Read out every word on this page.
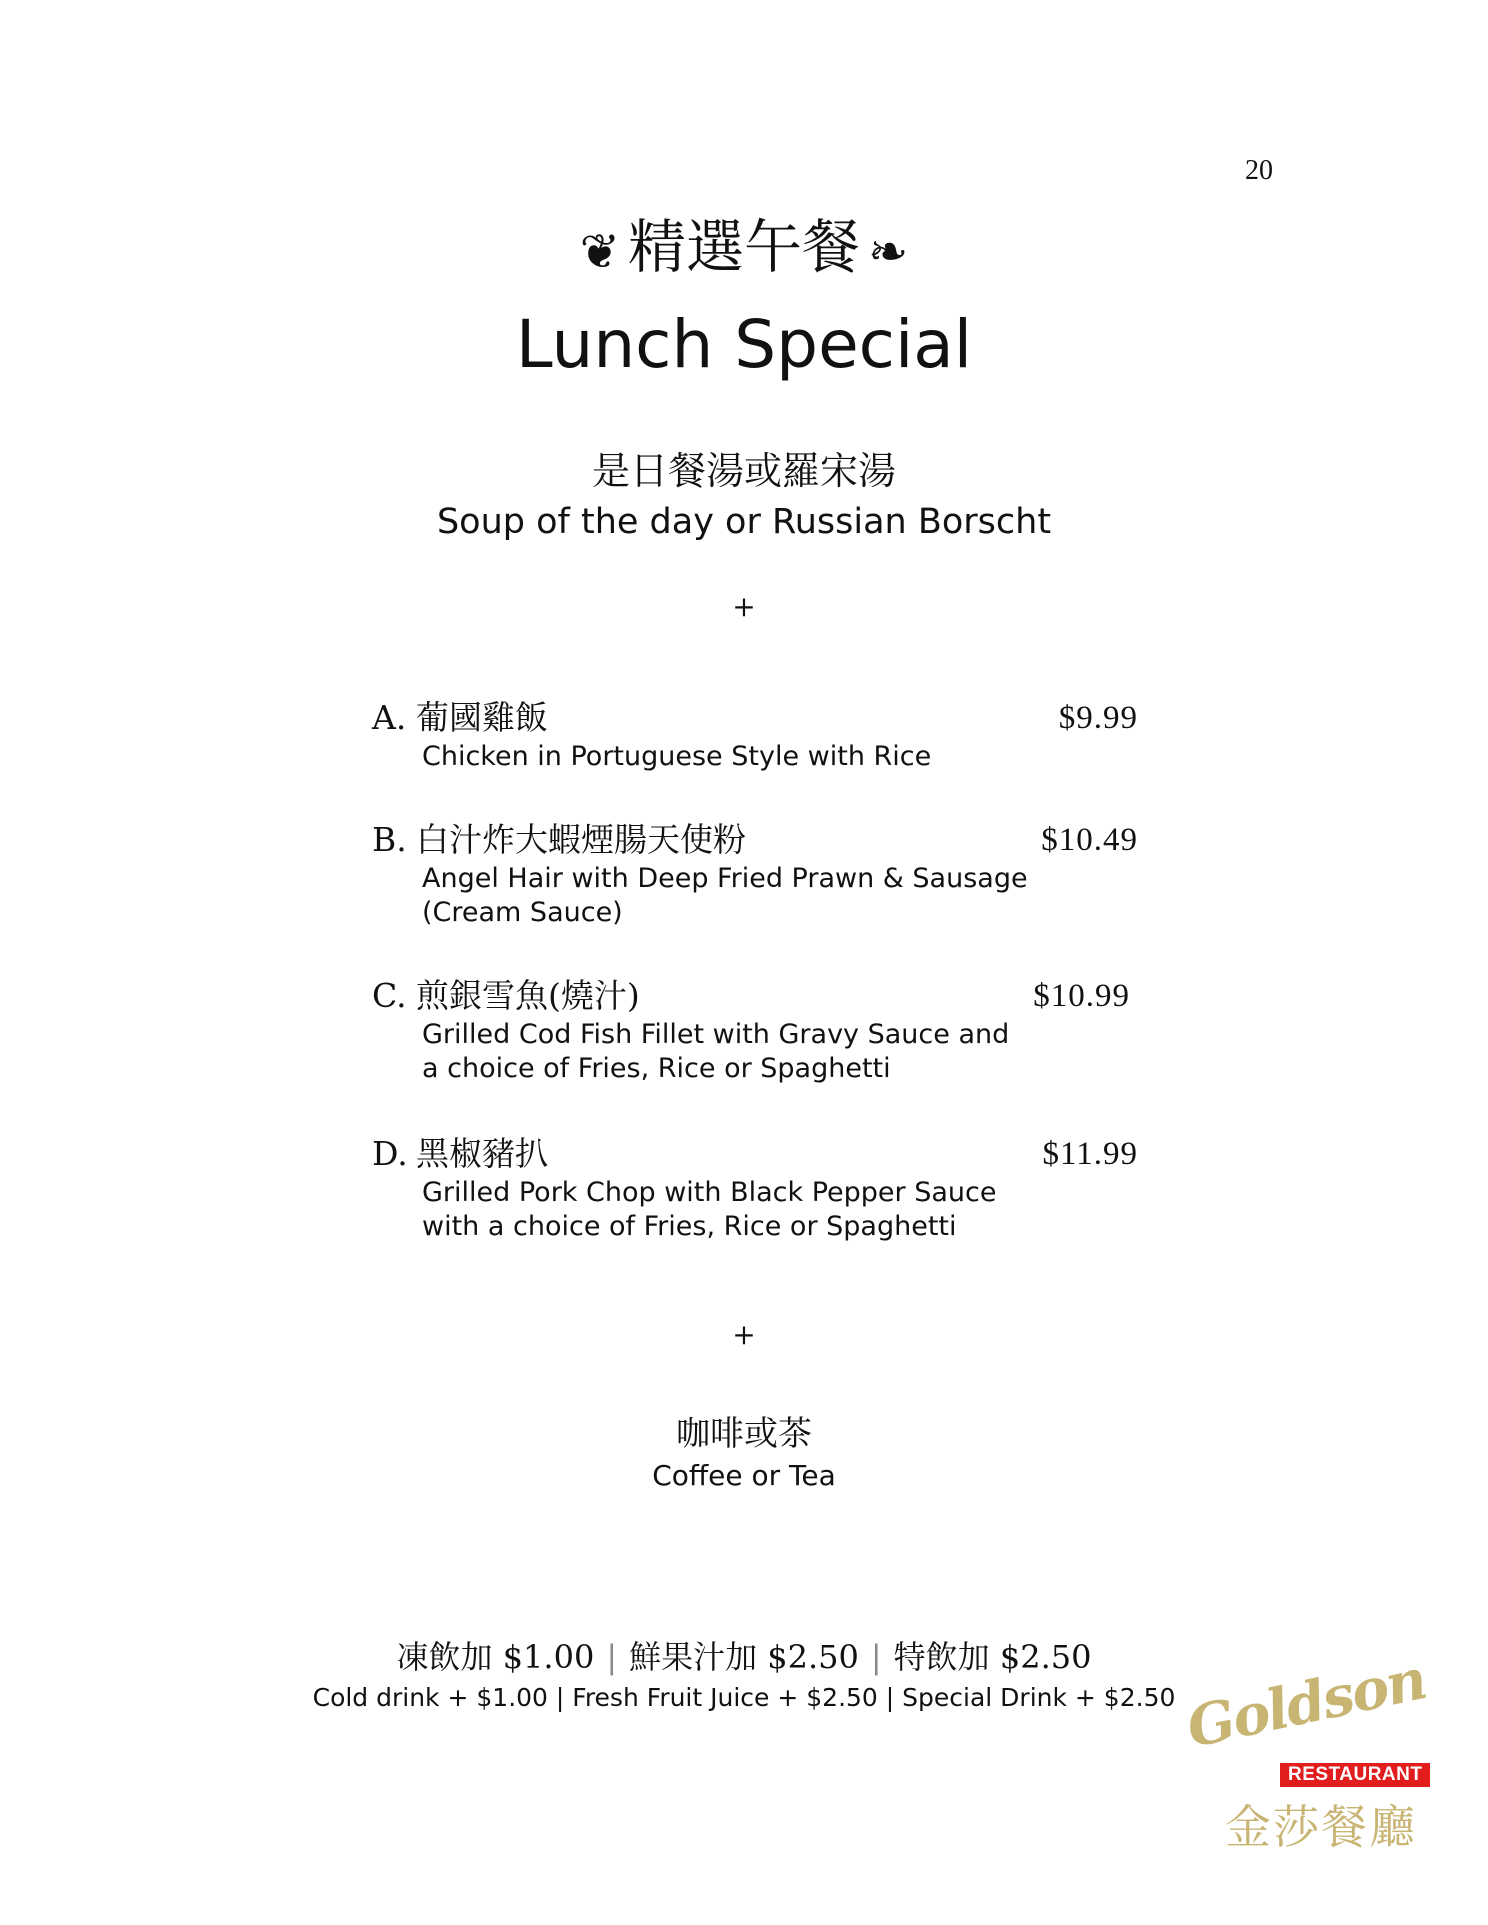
20
❦ 精選午餐 ❧
Lunch Special
是日餐湯或羅宋湯
Soup of the day or Russian Borscht
+
A. 葡國雞飯	$9.99
Chicken in Portuguese Style with Rice
B. 白汁炸大蝦煙腸天使粉	$10.49
Angel Hair with Deep Fried Prawn & Sausage
(Cream Sauce)
C. 煎銀雪魚(燒汁)	$10.99
Grilled Cod Fish Fillet with Gravy Sauce and
a choice of Fries, Rice or Spaghetti
D. 黑椒豬扒	$11.99
Grilled Pork Chop with Black Pepper Sauce
with a choice of Fries, Rice or Spaghetti
+
咖啡或茶
Coffee or Tea
凍飲加 $1.00 | 鮮果汁加 $2.50 | 特飲加 $2.50
Cold drink + $1.00 | Fresh Fruit Juice + $2.50 | Special Drink + $2.50 Goldson
RESTAURANT
金莎餐廳
